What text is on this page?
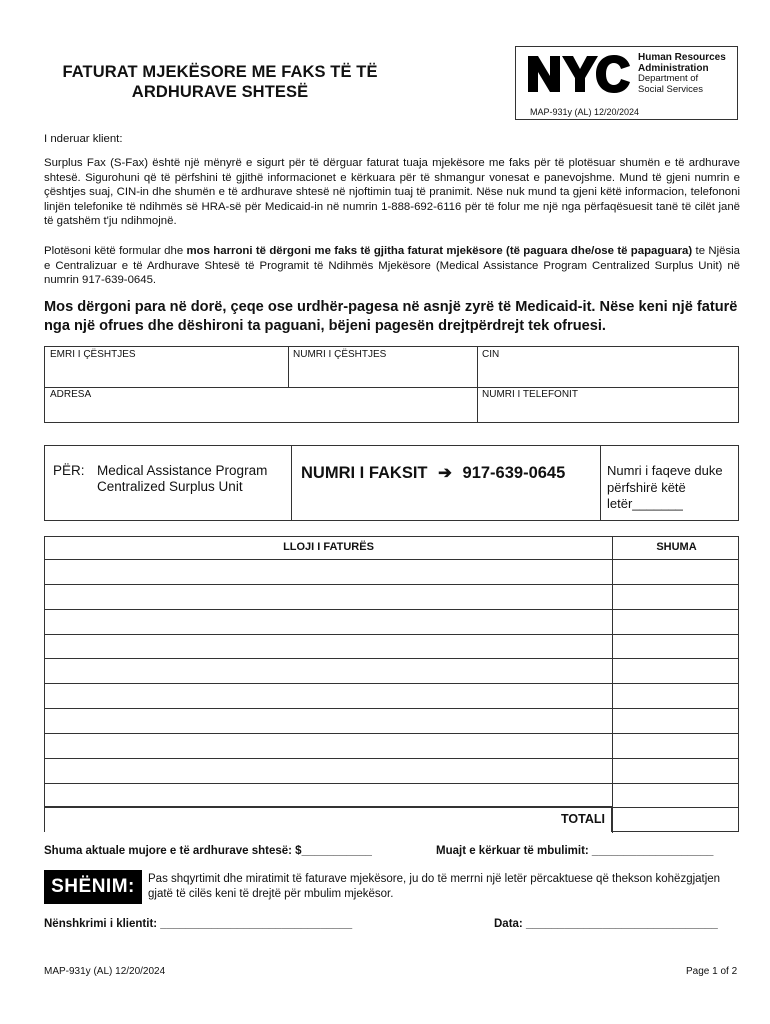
FATURAT MJEKËSORE ME FAKS TË TË ARDHURAVE SHTESË
Human Resources
Administration
Department of
Social Services
MAP-931y (AL) 12/20/2024
I nderuar klient:
Surplus Fax (S-Fax) është një mënyrë e sigurt për të dërguar faturat tuaja mjekësore me faks për të plotësuar shumën e të ardhurave shtesë. Sigurohuni që të përfshini të gjithë informacionet e kërkuara për të shmangur vonesat e panevojshme. Mund të gjeni numrin e çështjes suaj, CIN-in dhe shumën e të ardhurave shtesë në njoftimin tuaj të pranimit. Nëse nuk mund ta gjeni këtë informacion, telefononi linjën telefonike të ndihmës së HRA-së për Medicaid-in në numrin 1-888-692-6116 për të folur me një nga përfaqësuesit tanë të cilët janë të gatshëm t'ju ndihmojnë.
Plotësoni këtë formular dhe mos harroni të dërgoni me faks të gjitha faturat mjekësore (të paguara dhe/ose të papaguara) te Njësia e Centralizuar e të Ardhurave Shtesë të Programit të Ndihmës Mjekësore (Medical Assistance Program Centralized Surplus Unit) në numrin 917-639-0645.
Mos dërgoni para në dorë, çeqe ose urdhër-pagesa në asnjë zyrë të Medicaid-it. Nëse keni një faturë nga një ofrues dhe dëshironi ta paguani, bëjeni pagesën drejtpërdrejt tek ofruesi.
EMRI I ÇËSHTJES	NUMRI I ÇËSHTJES	CIN
ADRESA	NUMRI I TELEFONIT
PËR: Medical Assistance Program
Centralized Surplus Unit
NUMRI I FAKSIT ➔ 917-639-0645	Numri i faqeve duke
përfshirë këtë
letër_______
LLOJI I FATURËS	SHUMA
TOTALI
Shuma aktuale mujore e të ardhurave shtesë: $___________	Muajt e kërkuar të mbulimit: ___________________
SHËNIM:	Pas shqyrtimit dhe miratimit të faturave mjekësore, ju do të merrni një letër përcaktuese që thekson kohëzgjatjen gjatë të cilës keni të drejtë për mbulim mjekësor.
Nënshkrimi i klientit: ______________________________	Data: ______________________________
MAP-931y (AL) 12/20/2024	Page 1 of 2
